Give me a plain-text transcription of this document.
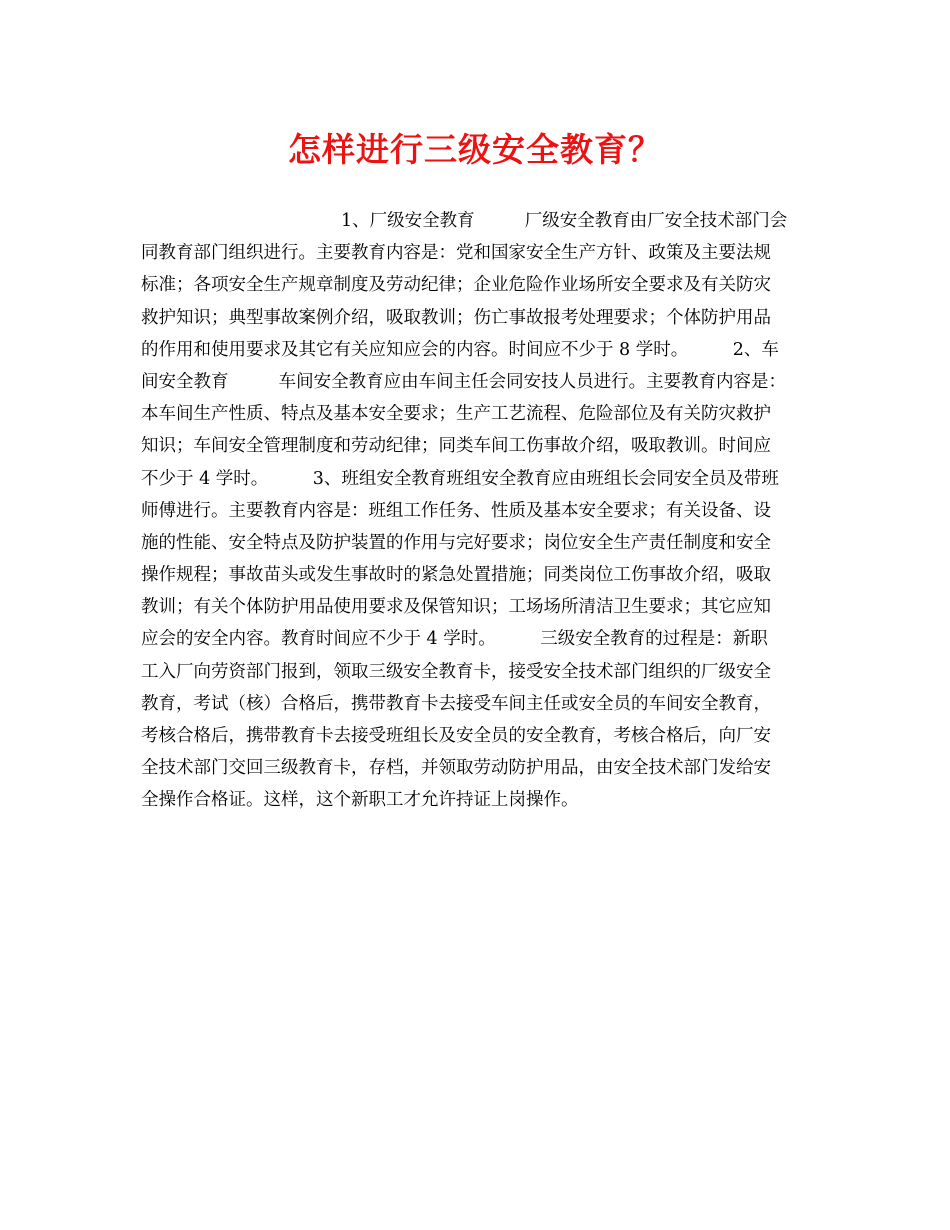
怎样进行三级安全教育？
1、厂级安全教育         厂级安全教育由厂安全技术部门会
同教育部门组织进行。主要教育内容是：党和国家安全生产方针、政策及主要法规
标准；各项安全生产规章制度及劳动纪律；企业危险作业场所安全要求及有关防灾
救护知识；典型事故案例介绍，吸取教训；伤亡事故报考处理要求；个体防护用品
的作用和使用要求及其它有关应知应会的内容。时间应不少于 8 学时。        2、车
间安全教育         车间安全教育应由车间主任会同安技人员进行。主要教育内容是：
本车间生产性质、特点及基本安全要求；生产工艺流程、危险部位及有关防灾救护
知识；车间安全管理制度和劳动纪律；同类车间工伤事故介绍，吸取教训。时间应
不少于 4 学时。        3、班组安全教育班组安全教育应由班组长会同安全员及带班
师傅进行。主要教育内容是：班组工作任务、性质及基本安全要求；有关设备、设
施的性能、安全特点及防护装置的作用与完好要求；岗位安全生产责任制度和安全
操作规程；事故苗头或发生事故时的紧急处置措施；同类岗位工伤事故介绍，吸取
教训；有关个体防护用品使用要求及保管知识；工场场所清洁卫生要求；其它应知
应会的安全内容。教育时间应不少于 4 学时。        三级安全教育的过程是：新职
工入厂向劳资部门报到，领取三级安全教育卡，接受安全技术部门组织的厂级安全
教育，考试（核）合格后，携带教育卡去接受车间主任或安全员的车间安全教育，
考核合格后，携带教育卡去接受班组长及安全员的安全教育，考核合格后，向厂安
全技术部门交回三级教育卡，存档，并领取劳动防护用品，由安全技术部门发给安
全操作合格证。这样，这个新职工才允许持证上岗操作。
